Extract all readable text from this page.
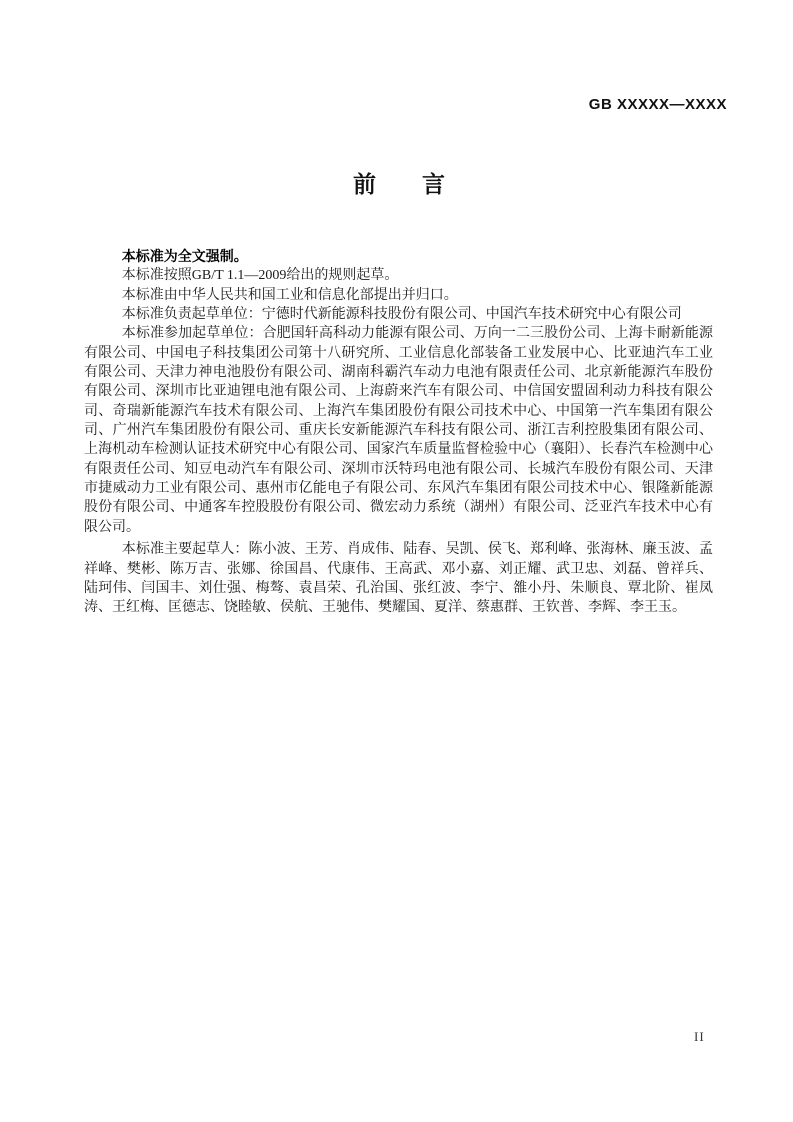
GB XXXXX—XXXX
前　　言

本标准为全文强制。

本标准按照GB/T 1.1—2009给出的规则起草。

本标准由中华人民共和国工业和信息化部提出并归口。

本标准负责起草单位：宁德时代新能源科技股份有限公司、中国汽车技术研究中心有限公司

本标准参加起草单位：合肥国轩高科动力能源有限公司、万向一二三股份公司、上海卡耐新能源有限公司、中国电子科技集团公司第十八研究所、工业信息化部装备工业发展中心、比亚迪汽车工业有限公司、天津力神电池股份有限公司、湖南科霸汽车动力电池有限责任公司、北京新能源汽车股份有限公司、深圳市比亚迪锂电池有限公司、上海蔚来汽车有限公司、中信国安盟固利动力科技有限公司、奇瑞新能源汽车技术有限公司、上海汽车集团股份有限公司技术中心、中国第一汽车集团有限公司、广州汽车集团股份有限公司、重庆长安新能源汽车科技有限公司、浙江吉利控股集团有限公司、上海机动车检测认证技术研究中心有限公司、国家汽车质量监督检验中心（襄阳）、长春汽车检测中心有限责任公司、知豆电动汽车有限公司、深圳市沃特玛电池有限公司、长城汽车股份有限公司、天津市捷威动力工业有限公司、惠州市亿能电子有限公司、东风汽车集团有限公司技术中心、银隆新能源股份有限公司、中通客车控股股份有限公司、微宏动力系统（湖州）有限公司、泛亚汽车技术中心有限公司。

本标准主要起草人：陈小波、王芳、肖成伟、陆春、吴凯、侯飞、郑利峰、张海林、廉玉波、孟祥峰、樊彬、陈万吉、张娜、徐国昌、代康伟、王高武、邓小嘉、刘正耀、武卫忠、刘磊、曾祥兵、陆珂伟、闫国丰、刘仕强、梅骜、袁昌荣、孔治国、张红波、李宁、雒小丹、朱顺良、覃北阶、崔凤涛、王红梅、匡德志、饶睦敏、侯航、王驰伟、樊耀国、夏洋、蔡惠群、王钦普、李辉、李王玉。

II
